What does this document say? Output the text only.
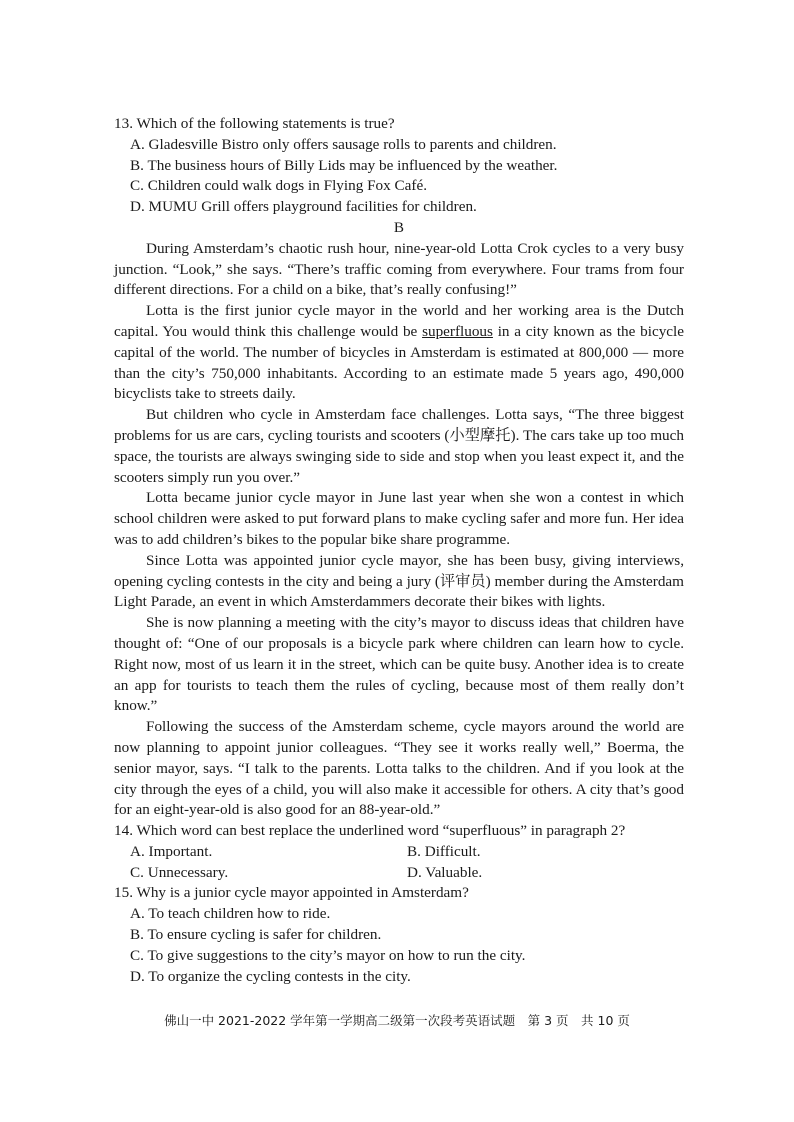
13. Which of the following statements is true?

A. Gladesville Bistro only offers sausage rolls to parents and children.

B. The business hours of Billy Lids may be influenced by the weather.

C. Children could walk dogs in Flying Fox Café.

D. MUMU Grill offers playground facilities for children.

B

During Amsterdam’s chaotic rush hour, nine-year-old Lotta Crok cycles to a very busy junction. “Look,” she says. “There’s traffic coming from everywhere. Four trams from four different directions. For a child on a bike, that’s really confusing!”

Lotta is the first junior cycle mayor in the world and her working area is the Dutch capital. You would think this challenge would be superfluous in a city known as the bicycle capital of the world. The number of bicycles in Amsterdam is estimated at 800,000 — more than the city’s 750,000 inhabitants. According to an estimate made 5 years ago, 490,000 bicyclists take to streets daily.

But children who cycle in Amsterdam face challenges. Lotta says, “The three biggest problems for us are cars, cycling tourists and scooters (小型摩托). The cars take up too much space, the tourists are always swinging side to side and stop when you least expect it, and the scooters simply run you over.”

Lotta became junior cycle mayor in June last year when she won a contest in which school children were asked to put forward plans to make cycling safer and more fun. Her idea was to add children’s bikes to the popular bike share programme.

Since Lotta was appointed junior cycle mayor, she has been busy, giving interviews, opening cycling contests in the city and being a jury (评审员) member during the Amsterdam Light Parade, an event in which Amsterdammers decorate their bikes with lights.

She is now planning a meeting with the city’s mayor to discuss ideas that children have thought of: “One of our proposals is a bicycle park where children can learn how to cycle. Right now, most of us learn it in the street, which can be quite busy. Another idea is to create an app for tourists to teach them the rules of cycling, because most of them really don’t know.”

Following the success of the Amsterdam scheme, cycle mayors around the world are now planning to appoint junior colleagues. “They see it works really well,” Boerma, the senior mayor, says. “I talk to the parents. Lotta talks to the children. And if you look at the city through the eyes of a child, you will also make it accessible for others. A city that’s good for an eight-year-old is also good for an 88-year-old.”

14. Which word can best replace the underlined word “superfluous” in paragraph 2?

A. Important.	B. Difficult.
C. Unnecessary.	D. Valuable.

15. Why is a junior cycle mayor appointed in Amsterdam?

A. To teach children how to ride.

B. To ensure cycling is safer for children.

C. To give suggestions to the city’s mayor on how to run the city.

D. To organize the cycling contests in the city.

佛山一中 2021-2022 学年第一学期高二级第一次段考英语试题　第 3 页　共 10 页
